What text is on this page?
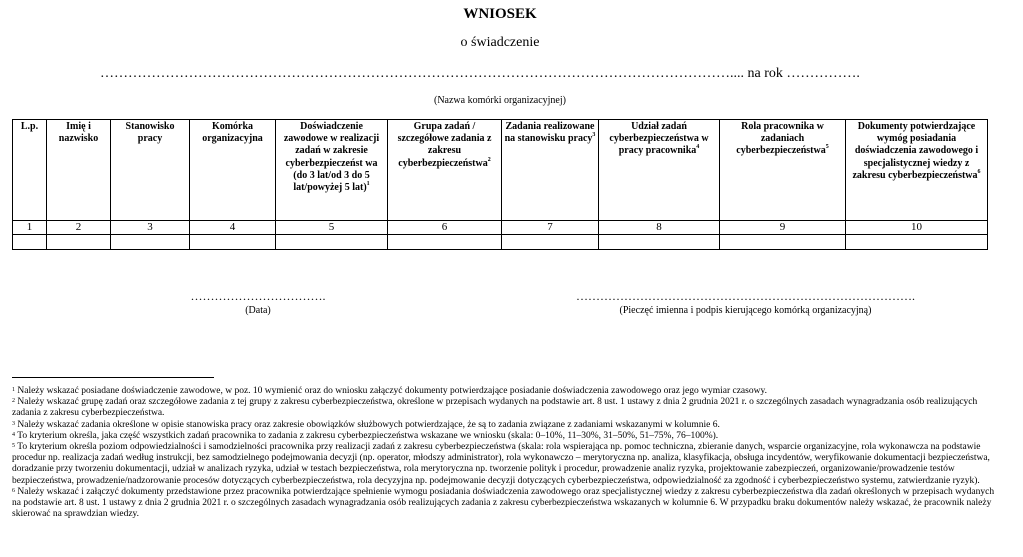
WNIOSEK
o świadczenie
……………………………………………………………………………………………………………………….... na rok …………….
(Nazwa komórki organizacyjnej)
L.p.	Imię i nazwisko	Stanowisko pracy	Komórka organizacyjna	Doświadczenie zawodowe w realizacji zadań w zakresie cyberbezpieczeńst wa (do 3 lat/od 3 do 5 lat/powyżej 5 lat)$^1$	Grupa zadań / szczegółowe zadania z zakresu cyberbezpieczeństwa$^2$	Zadania realizowane na stanowisku pracy$^3$	Udział zadań cyberbezpieczeństwa w pracy pracownika$^4$	Rola pracownika w zadaniach cyberbezpieczeństwa$^5$	Dokumenty potwierdzające wymóg posiadania doświadczenia zawodowego i specjalistycznej wiedzy z zakresu cyberbezpieczeństwa$^6$
1	2	3	4	5	6	7	8	9	10

…………………………….
(Data)
………………………………………………………………………….
(Pieczęć imienna i podpis kierującego komórką organizacyjną)

$^1$ Należy wskazać posiadane doświadczenie zawodowe, w poz. 10 wymienić oraz do wniosku załączyć dokumenty potwierdzające posiadanie doświadczenia zawodowego oraz jego wymiar czasowy.

$^2$ Należy wskazać grupę zadań oraz szczegółowe zadania z tej grupy z zakresu cyberbezpieczeństwa, określone w przepisach wydanych na podstawie art. 8 ust. 1 ustawy z dnia 2 grudnia 2021 r. o szczególnych zasadach wynagradzania osób realizujących zadania z zakresu cyberbezpieczeństwa.

$^3$ Należy wskazać zadania określone w opisie stanowiska pracy oraz zakresie obowiązków służbowych potwierdzające, że są to zadania związane z zadaniami wskazanymi w kolumnie 6.

$^4$ To kryterium określa, jaka część wszystkich zadań pracownika to zadania z zakresu cyberbezpieczeństwa wskazane we wniosku (skala: 0–10%, 11–30%, 31–50%, 51–75%, 76–100%).

$^5$ To kryterium określa poziom odpowiedzialności i samodzielności pracownika przy realizacji zadań z zakresu cyberbezpieczeństwa (skala: rola wspierająca np. pomoc techniczna, zbieranie danych, wsparcie organizacyjne, rola wykonawcza na podstawie procedur np. realizacja zadań według instrukcji, bez samodzielnego podejmowania decyzji (np. operator, młodszy administrator), rola wykonawczo – merytoryczna np. analiza, klasyfikacja, obsługa incydentów, weryfikowanie dokumentacji bezpieczeństwa, doradzanie przy tworzeniu dokumentacji, udział w analizach ryzyka, udział w testach bezpieczeństwa, rola merytoryczna np. tworzenie polityk i procedur, prowadzenie analiz ryzyka, projektowanie zabezpieczeń, organizowanie/prowadzenie testów bezpieczeństwa, prowadzenie/nadzorowanie procesów dotyczących cyberbezpieczeństwa, rola decyzyjna np. podejmowanie decyzji dotyczących cyberbezpieczeństwa, odpowiedzialność za zgodność i cyberbezpieczeństwo systemu, zatwierdzanie ryzyk).

$^6$ Należy wskazać i załączyć dokumenty przedstawione przez pracownika potwierdzające spełnienie wymogu posiadania doświadczenia zawodowego oraz specjalistycznej wiedzy z zakresu cyberbezpieczeństwa dla zadań określonych w przepisach wydanych na podstawie art. 8 ust. 1 ustawy z dnia 2 grudnia 2021 r. o szczególnych zasadach wynagradzania osób realizujących zadania z zakresu cyberbezpieczeństwa wskazanych w kolumnie 6. W przypadku braku dokumentów należy wskazać, że pracownik należy skierować na sprawdzian wiedzy.
